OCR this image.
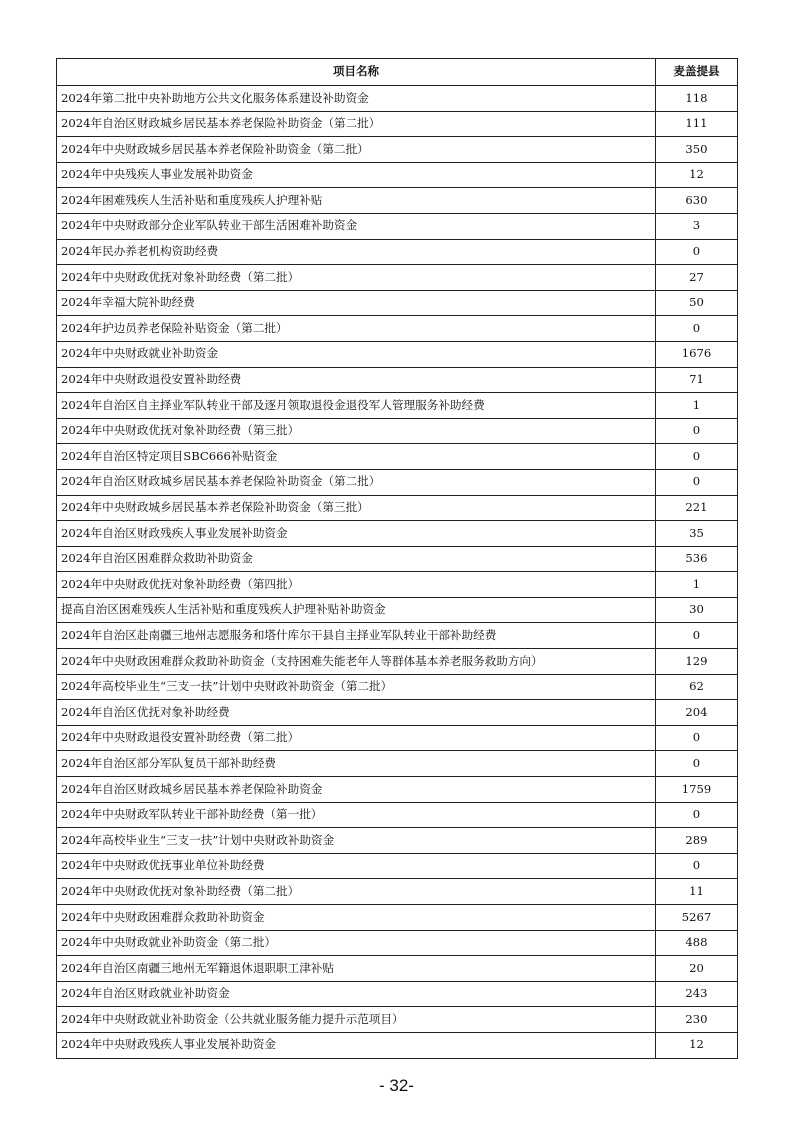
项目名称	麦盖提县
2024年第二批中央补助地方公共文化服务体系建设补助资金	118
2024年自治区财政城乡居民基本养老保险补助资金（第二批）	111
2024年中央财政城乡居民基本养老保险补助资金（第二批）	350
2024年中央残疾人事业发展补助资金	12
2024年困难残疾人生活补贴和重度残疾人护理补贴	630
2024年中央财政部分企业军队转业干部生活困难补助资金	3
2024年民办养老机构资助经费	0
2024年中央财政优抚对象补助经费（第二批）	27
2024年幸福大院补助经费	50
2024年护边员养老保险补贴资金（第二批）	0
2024年中央财政就业补助资金	1676
2024年中央财政退役安置补助经费	71
2024年自治区自主择业军队转业干部及逐月领取退役金退役军人管理服务补助经费	1
2024年中央财政优抚对象补助经费（第三批）	0
2024年自治区特定项目SBC666补贴资金	0
2024年自治区财政城乡居民基本养老保险补助资金（第二批）	0
2024年中央财政城乡居民基本养老保险补助资金（第三批）	221
2024年自治区财政残疾人事业发展补助资金	35
2024年自治区困难群众救助补助资金	536
2024年中央财政优抚对象补助经费（第四批）	1
提高自治区困难残疾人生活补贴和重度残疾人护理补贴补助资金	30
2024年自治区赴南疆三地州志愿服务和塔什库尔干县自主择业军队转业干部补助经费	0
2024年中央财政困难群众救助补助资金（支持困难失能老年人等群体基本养老服务救助方向）	129
2024年高校毕业生“三支一扶”计划中央财政补助资金（第二批）	62
2024年自治区优抚对象补助经费	204
2024年中央财政退役安置补助经费（第二批）	0
2024年自治区部分军队复员干部补助经费	0
2024年自治区财政城乡居民基本养老保险补助资金	1759
2024年中央财政军队转业干部补助经费（第一批）	0
2024年高校毕业生“三支一扶”计划中央财政补助资金	289
2024年中央财政优抚事业单位补助经费	0
2024年中央财政优抚对象补助经费（第二批）	11
2024年中央财政困难群众救助补助资金	5267
2024年中央财政就业补助资金（第二批）	488
2024年自治区南疆三地州无军籍退休退职职工津补贴	20
2024年自治区财政就业补助资金	243
2024年中央财政就业补助资金（公共就业服务能力提升示范项目）	230
2024年中央财政残疾人事业发展补助资金	12
- 32-
